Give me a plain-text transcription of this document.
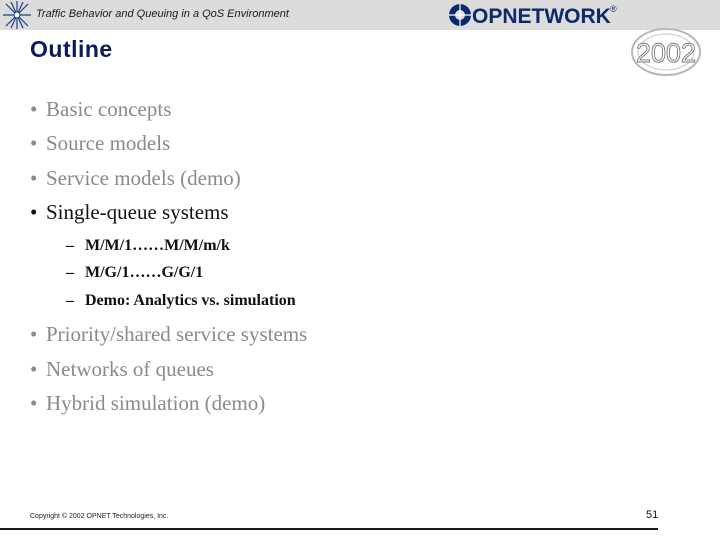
Traffic Behavior and Queuing in a QoS Environment	OPNETWORK ®
2002
Outline
• Basic concepts
• Source models
• Service models (demo)
• Single-queue systems
– M/M/1……M/M/m/k
– M/G/1……G/G/1
– Demo: Analytics vs. simulation
• Priority/shared service systems
• Networks of queues
• Hybrid simulation (demo)
Copyright © 2002 OPNET Technologies, Inc.	51
